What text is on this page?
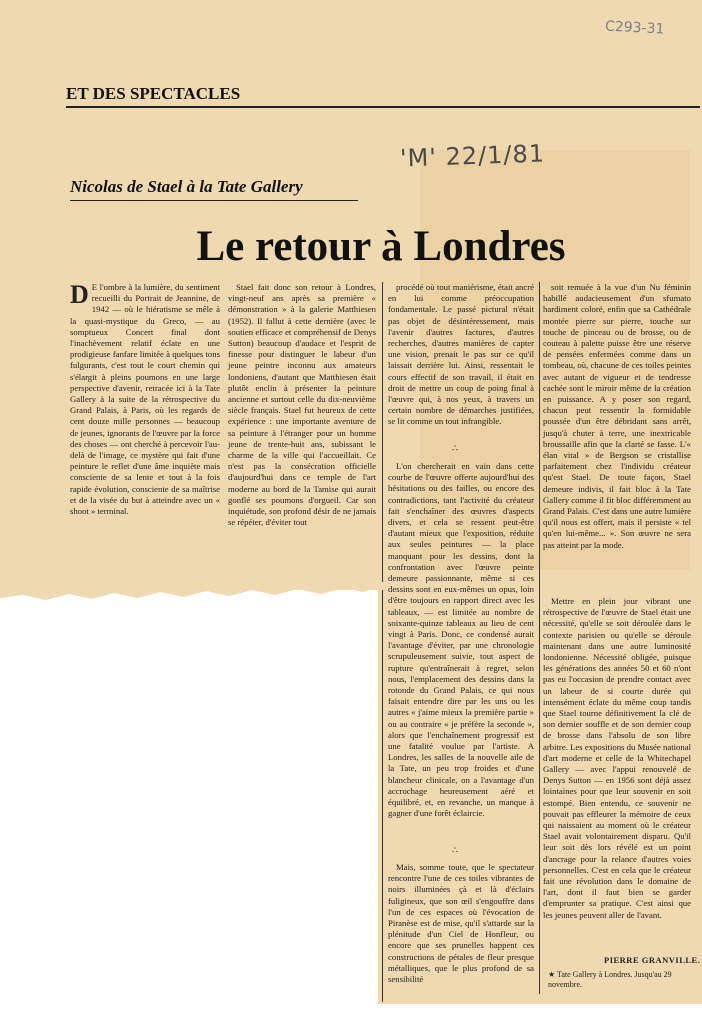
C293-31
'M' 22/1/81
ET DES SPECTACLES
Nicolas de Stael à la Tate Gallery
Le retour à Londres

D E l'ombre à la lumière, du sentiment recueilli du Portrait de Jeannine, de 1942 — où le hiératisme se mêle à la quasi-mystique du Greco, — au somptueux Concert final dont l'inachèvement relatif éclate en une prodigieuse fanfare limitée à quelques tons fulgurants, c'est tout le court chemin qui s'élargit à pleins poumons en une large perspective d'avenir, retracée ici à la Tate Gallery à la suite de la rétrospective du Grand Palais, à Paris, où les regards de cent douze mille personnes — beaucoup de jeunes, ignorants de l'œuvre par la force des choses — ont cherché à percevoir l'au-delà de l'image, ce mystère qui fait d'une peinture le reflet d'une âme inquiète mais consciente de sa lente et tout à la fois rapide évolution, consciente de sa maîtrise et de la visée du but à atteindre avec un « shoot » terminal.

Stael fait donc son retour à Londres, vingt-neuf ans après sa première « démonstration » à la galerie Matthiesen (1952). Il fallut à cette dernière (avec le soutien efficace et compréhensif de Denys Sutton) beaucoup d'audace et l'esprit de finesse pour distinguer le labeur d'un jeune peintre inconnu aux amateurs londoniens, d'autant que Matthiesen était plutôt enclin à présenter la peinture ancienne et surtout celle du dix-neuvième siècle français. Stael fut heureux de cette expérience : une importante aventure de sa peinture à l'étranger pour un homme jeune de trente-huit ans, subissant le charme de la ville qui l'accueillait. Ce n'est pas la consécration officielle d'aujourd'hui dans ce temple de l'art moderne au bord de la Tamise qui aurait gonflé ses poumons d'orgueil. Car son inquiétude, son profond désir de ne jamais se répéter, d'éviter tout

procédé où tout maniérisme, était ancré en lui comme préoccupation fondamentale. Le passé pictural n'était pas objet de désintéressement, mais l'avenir d'autres factures, d'autres recherches, d'autres manières de capter une vision, prenait le pas sur ce qu'il laissait derrière lui. Ainsi, ressentait le cours effectif de son travail, il était en droit de mettre un coup de poing final à l'œuvre qui, à nos yeux, à travers un certain nombre de démarches justifiées, se lit comme un tout infrangible.

∴

L'on chercherait en vain dans cette courbe de l'œuvre offerte aujourd'hui des hésitations ou des failles, ou encore des contradictions, tant l'activité du créateur fait s'enchaîner des œuvres d'aspects divers, et cela se ressent peut-être d'autant mieux que l'exposition, réduite aux seules peintures — la place manquant pour les dessins, dont la confrontation avec l'œuvre peinte demeure passionnante, même si ces dessins sont en eux-mêmes un opus, loin d'être toujours en rapport direct avec les tableaux, — est limitée au nombre de soixante-quinze tableaux au lieu de cent vingt à Paris. Donc, ce condensé aurait l'avantage d'éviter, par une chronologie scrupuleusement suivie, tout aspect de rupture qu'entraînerait à regret, selon nous, l'emplacement des dessins dans la rotonde du Grand Palais, ce qui nous faisait entendre dire par les uns ou les autres « j'aime mieux la première partie » ou au contraire « je préfère la seconde », alors que l'enchaînement progressif est une fatalité voulue par l'artiste. A Londres, les salles de la nouvelle aile de la Tate, un peu trop froides et d'une blancheur clinicale, on a l'avantage d'un accrochage heureusement aéré et équilibré, et, en revanche, un manque à gagner d'une forêt éclaircie.

∴

Mais, somme toute, que le spectateur rencontre l'une de ces toiles vibrantes de noirs illuminées çà et là d'éclairs fuligineux, que son œil s'engouffre dans l'un de ces espaces où l'évocation de Piranèse est de mise, qu'il s'attarde sur la plénitude d'un Ciel de Honfleur, ou encore que ses prunelles happent ces constructions de pétales de fleur presque métalliques, que le plus profond de sa sensibilité

soit remuée à la vue d'un Nu féminin habillé audacieusement d'un sfumato hardiment coloré, enfin que sa Cathédrale montée pierre sur pierre, touche sur touche de pinceau ou de brosse, ou de couteau à palette puisse être une réserve de pensées enfermées comme dans un tombeau, où, chacune de ces toiles peintes avec autant de vigueur et de tendresse cachée sont le miroir même de la création en puissance. A y poser son regard, chacun peut ressentir la formidable poussée d'un être débridant sans arrêt, jusqu'à chuter à terre, une inextricable broussaille afin que la clarté se fasse. L'« élan vital » de Bergson se cristallise parfaitement chez l'individu créateur qu'est Stael. De toute façon, Stael demeure indivis, il fait bloc à la Tate Gallery comme il fit bloc différemment au Grand Palais. C'est dans une autre lumière qu'il nous est offert, mais il persiste « tel qu'en lui-même... ». Son œuvre ne sera pas atteint par la mode.

Mettre en plein jour vibrant une rétrospective de l'œuvre de Stael était une nécessité, qu'elle se soit déroulée dans le contexte parisien ou qu'elle se déroule maintenant dans une autre luminosité londonienne. Nécessité obligée, puisque les générations des années 50 et 60 n'ont pas eu l'occasion de prendre contact avec un labeur de si courte durée qui intensément éclate du même coup tandis que Stael tourne définitivement la clé de son dernier souffle et de son dernier coup de brosse dans l'absolu de son libre arbitre. Les expositions du Musée national d'art moderne et celle de la Whitechapel Gallery — avec l'appui renouvelé de Denys Sutton — en 1956 sont déjà assez lointaines pour que leur souvenir en soit estompé. Bien entendu, ce souvenir ne pouvait pas effleurer la mémoire de ceux qui naissaient au moment où le créateur Stael avait volontairement disparu. Qu'il leur soit dès lors révélé est un point d'ancrage pour la relance d'autres voies personnelles. C'est en cela que le créateur fait une révolution dans le domaine de l'art, dont il faut bien se garder d'emprunter sa pratique. C'est ainsi que les jeunes peuvent aller de l'avant.

PIERRE GRANVILLE.
★ Tate Gallery à Londres. Jusqu'au 29 novembre.
